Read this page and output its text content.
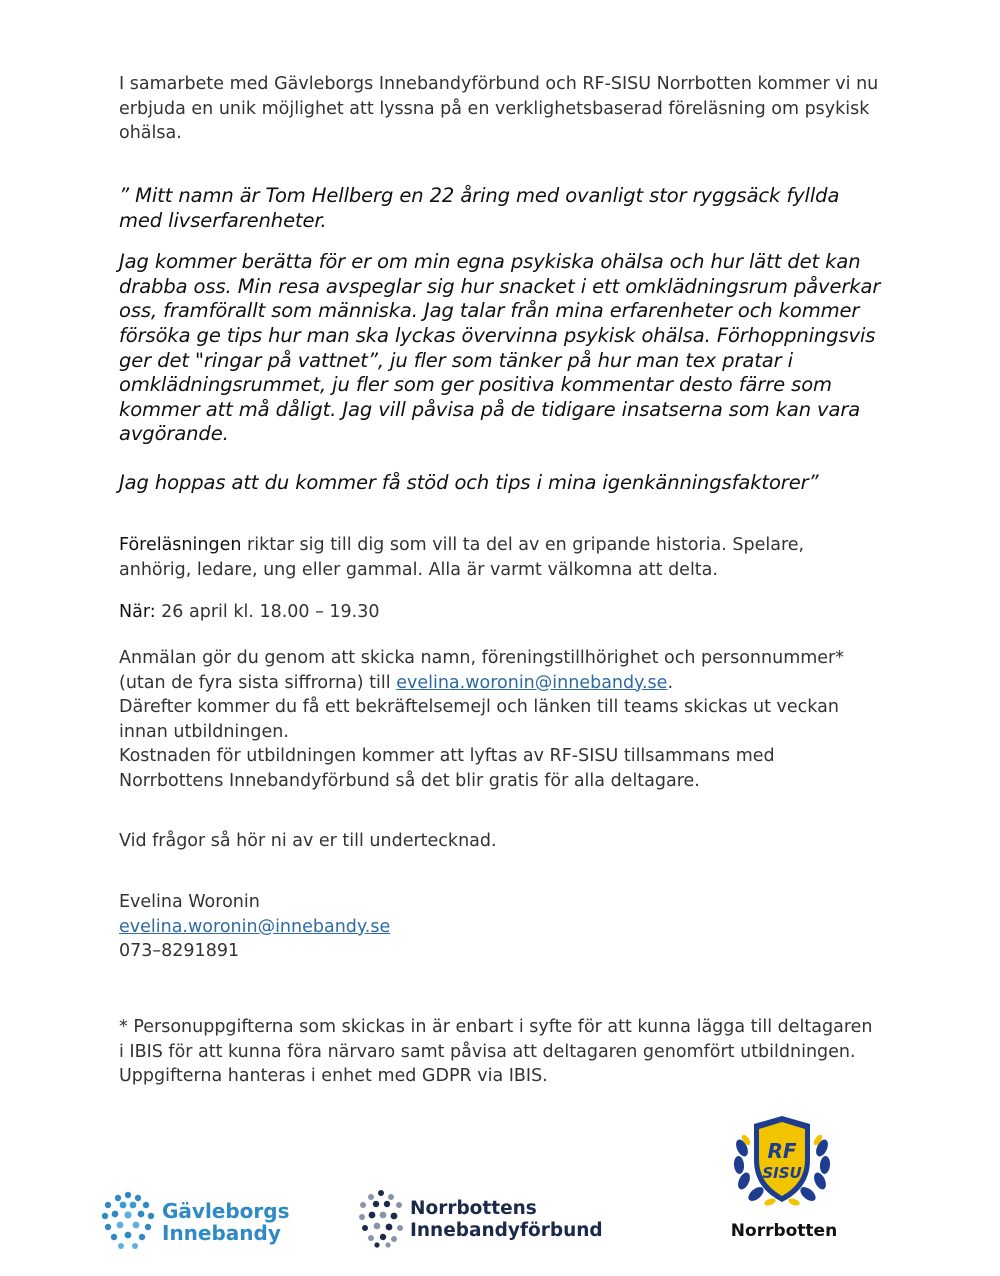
I samarbete med Gävleborgs Innebandyförbund och RF-SISU Norrbotten kommer vi nu erbjuda en unik möjlighet att lyssna på en verklighetsbaserad föreläsning om psykisk ohälsa.

” Mitt namn är Tom Hellberg en 22 åring med ovanligt stor ryggsäck fyllda med livserfarenheter.

Jag kommer berätta för er om min egna psykiska ohälsa och hur lätt det kan drabba oss. Min resa avspeglar sig hur snacket i ett omklädningsrum påverkar oss, framförallt som människa. Jag talar från mina erfarenheter och kommer försöka ge tips hur man ska lyckas övervinna psykisk ohälsa. Förhoppningsvis ger det "ringar på vattnet”, ju fler som tänker på hur man tex pratar i omklädningsrummet, ju fler som ger positiva kommentar desto färre som kommer att må dåligt. Jag vill påvisa på de tidigare insatserna som kan vara avgörande.

Jag hoppas att du kommer få stöd och tips i mina igenkänningsfaktorer”

Föreläsningen riktar sig till dig som vill ta del av en gripande historia. Spelare, anhörig, ledare, ung eller gammal. Alla är varmt välkomna att delta.

När: 26 april kl. 18.00 – 19.30

Anmälan gör du genom att skicka namn, föreningstillhörighet och personnummer* (utan de fyra sista siffrorna) till evelina.woronin@innebandy.se.

Därefter kommer du få ett bekräftelsemejl och länken till teams skickas ut veckan innan utbildningen.

Kostnaden för utbildningen kommer att lyftas av RF-SISU tillsammans med Norrbottens Innebandyförbund så det blir gratis för alla deltagare.

Vid frågor så hör ni av er till undertecknad.

Evelina Woronin

evelina.woronin@innebandy.se

073–8291891

* Personuppgifterna som skickas in är enbart i syfte för att kunna lägga till deltagaren i IBIS för att kunna föra närvaro samt påvisa att deltagaren genomfört utbildningen.

Uppgifterna hanteras i enhet med GDPR via IBIS.

Gävleborgs
Innebandy
Norrbottens
Innebandyförbund
RF
SISU
Norrbotten
